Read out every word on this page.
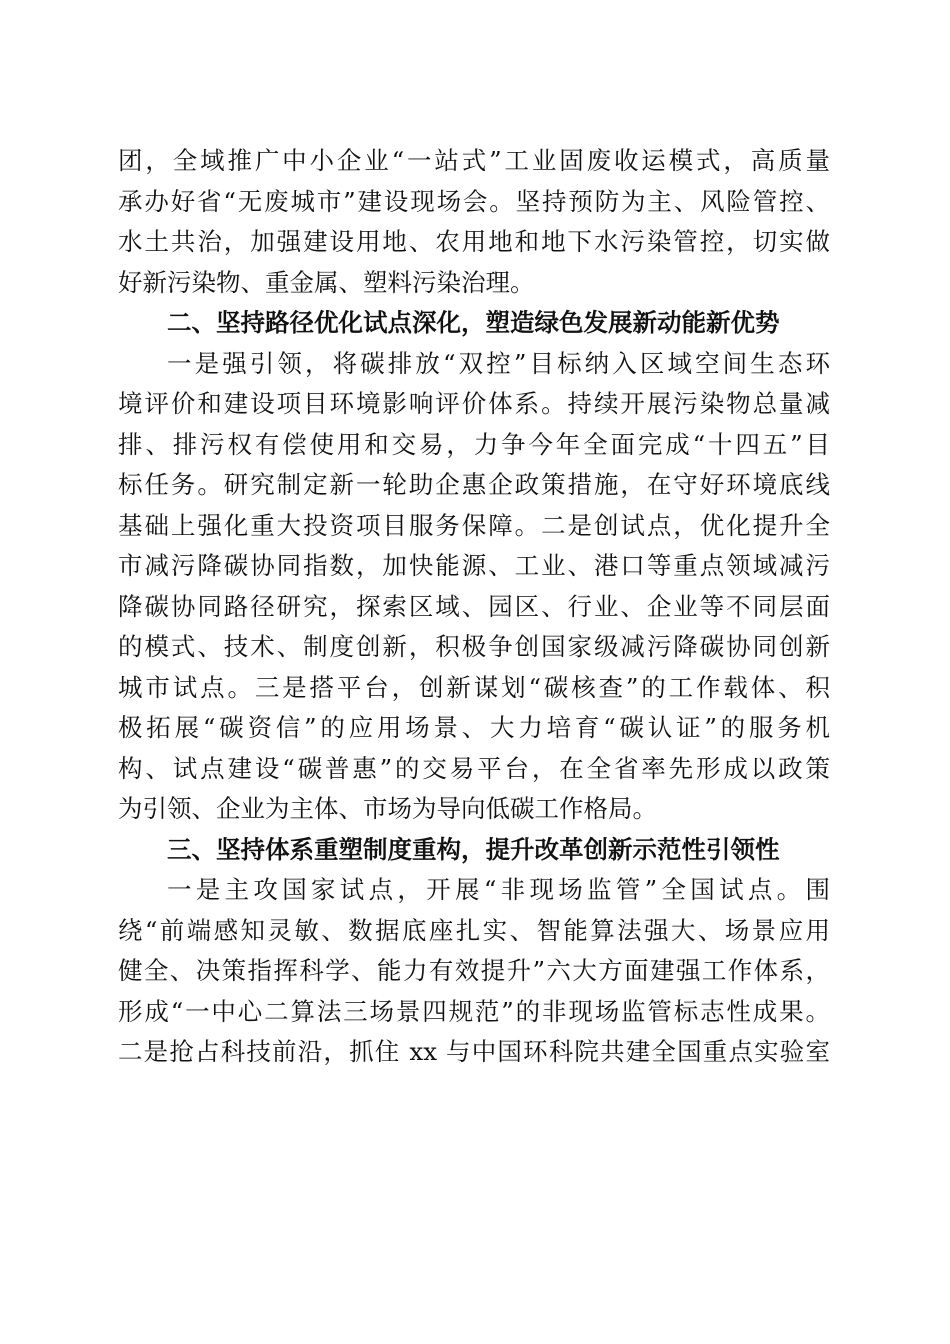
团，全域推广中小企业“一站式”工业固废收运模式，高质量
承办好省“无废城市”建设现场会。坚持预防为主、风险管控、
水土共治，加强建设用地、农用地和地下水污染管控，切实做
好新污染物、重金属、塑料污染治理。
二、坚持路径优化试点深化，塑造绿色发展新动能新优势
一是强引领，将碳排放“双控”目标纳入区域空间生态环
境评价和建设项目环境影响评价体系。持续开展污染物总量减
排、排污权有偿使用和交易，力争今年全面完成“十四五”目
标任务。研究制定新一轮助企惠企政策措施，在守好环境底线
基础上强化重大投资项目服务保障。二是创试点，优化提升全
市减污降碳协同指数，加快能源、工业、港口等重点领域减污
降碳协同路径研究，探索区域、园区、行业、企业等不同层面
的模式、技术、制度创新，积极争创国家级减污降碳协同创新
城市试点。三是搭平台，创新谋划“碳核查”的工作载体、积
极拓展“碳资信”的应用场景、大力培育“碳认证”的服务机
构、试点建设“碳普惠”的交易平台，在全省率先形成以政策
为引领、企业为主体、市场为导向低碳工作格局。
三、坚持体系重塑制度重构，提升改革创新示范性引领性
一是主攻国家试点，开展“非现场监管”全国试点。围
绕“前端感知灵敏、数据底座扎实、智能算法强大、场景应用
健全、决策指挥科学、能力有效提升”六大方面建强工作体系，
形成“一中心二算法三场景四规范”的非现场监管标志性成果。
二是抢占科技前沿，抓住 xx 与中国环科院共建全国重点实验室
